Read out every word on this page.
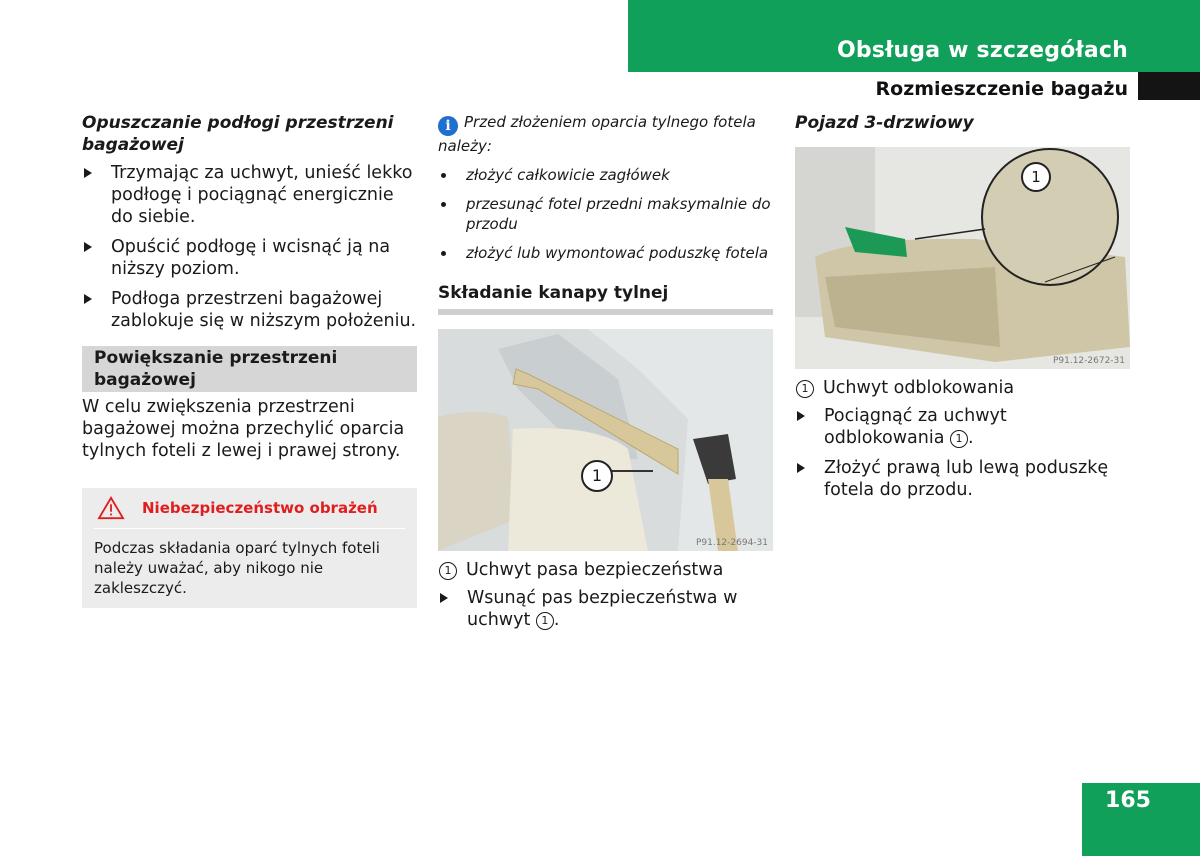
Obsługa w szczegółach
Rozmieszczenie bagażu
Opuszczanie podłogi przestrzeni bagażowej
Trzymając za uchwyt, unieść lekko podłogę i pociągnąć energicznie do siebie.
Opuścić podłogę i wcisnąć ją na niższy poziom.
Podłoga przestrzeni bagażowej zablokuje się w niższym położeniu.
Powiększanie przestrzeni bagażowej
W celu zwiększenia przestrzeni bagażowej można przechylić oparcia tylnych foteli z lewej i prawej strony.
Niebezpieczeństwo obrażeń
Podczas składania oparć tylnych foteli należy uważać, aby nikogo nie zakleszczyć.
i Przed złożeniem oparcia tylnego fotela należy:
złożyć całkowicie zagłówek
przesunąć fotel przedni maksymalnie do przodu
złożyć lub wymontować poduszkę fotela
Składanie kanapy tylnej
1
P91.12-2694-31
1 Uchwyt pasa bezpieczeństwa
Wsunąć pas bezpieczeństwa w uchwyt 1 .
Pojazd 3-drzwiowy
1
P91.12-2672-31
1 Uchwyt odblokowania
Pociągnąć za uchwyt odblokowania 1 .
Złożyć prawą lub lewą poduszkę fotela do przodu.
165
